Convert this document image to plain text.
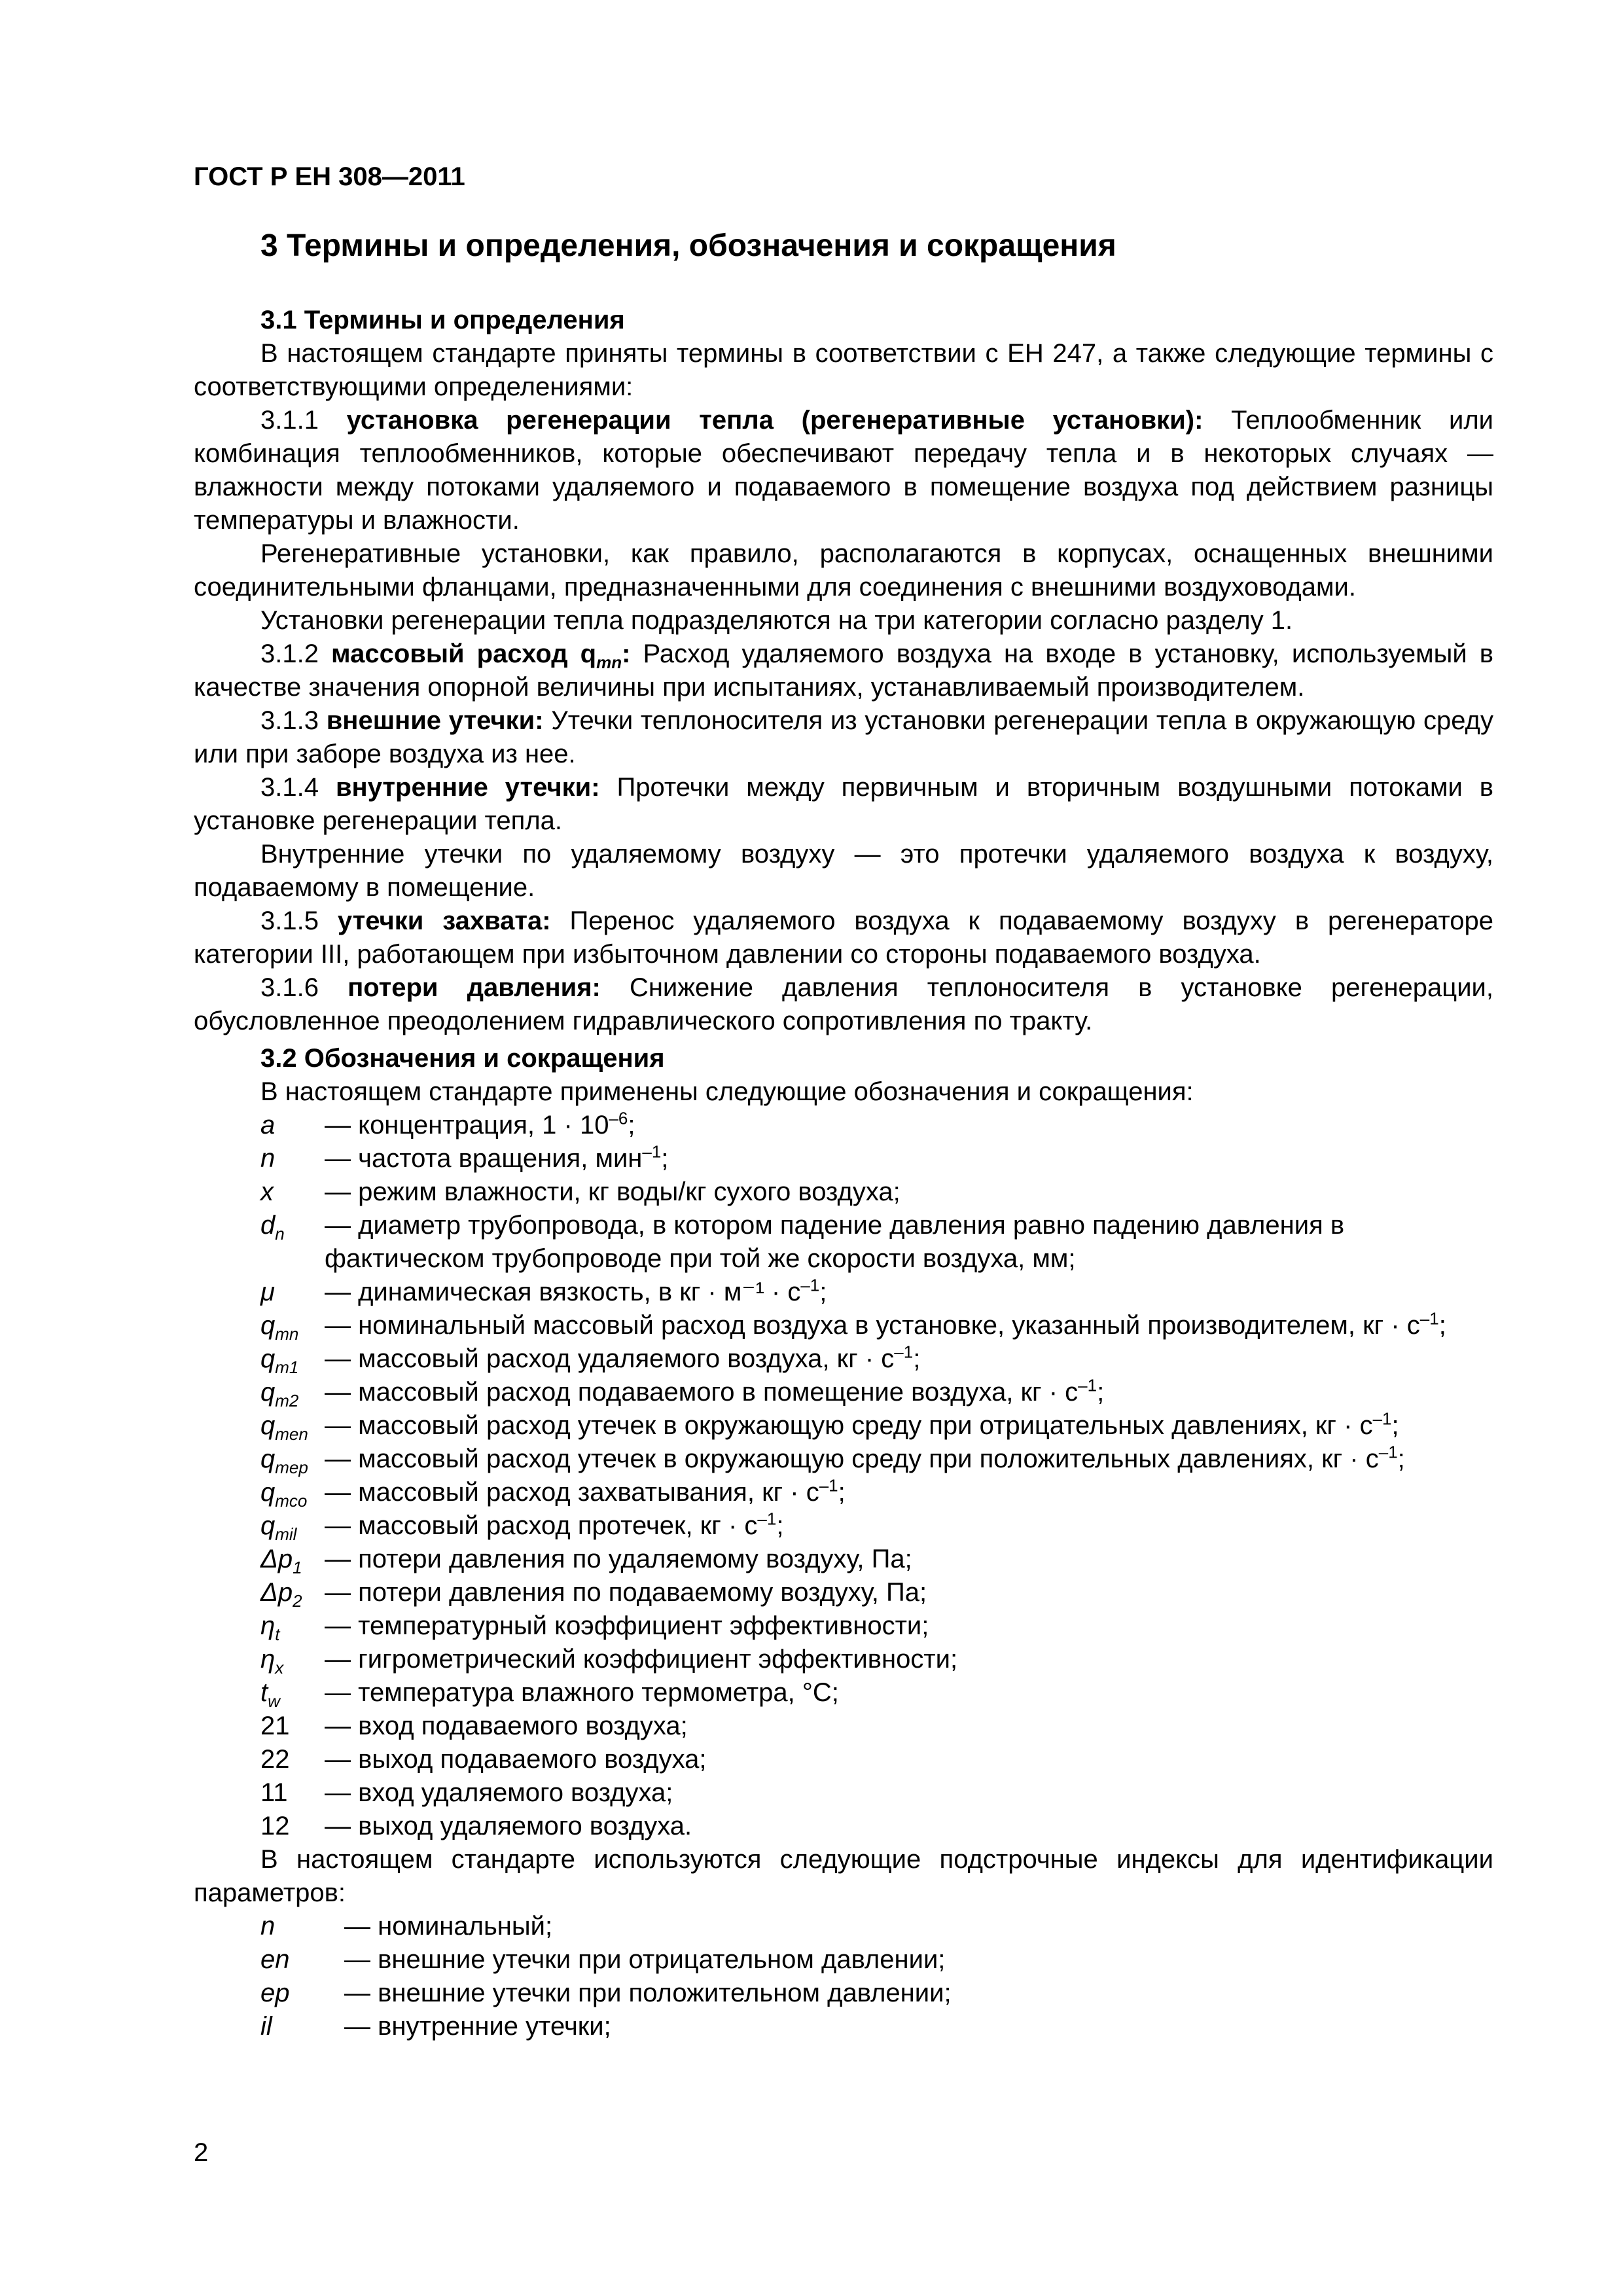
ГОСТ Р ЕН 308—2011
3 Термины и определения, обозначения и сокращения

3.1 Термины и определения

В настоящем стандарте приняты термины в соответствии с ЕН 247, а также следующие термины с соответствующими определениями:

3.1.1 установка регенерации тепла (регенеративные установки): Теплообменник или комбинация теплообменников, которые обеспечивают передачу тепла и в некоторых случаях — влажности между потоками удаляемого и подаваемого в помещение воздуха под действием разницы температуры и влажности.

Регенеративные установки, как правило, располагаются в корпусах, оснащенных внешними соединительными фланцами, предназначенными для соединения с внешними воздуховодами.

Установки регенерации тепла подразделяются на три категории согласно разделу 1.

3.1.2 массовый расход $q_{mn}$: Расход удаляемого воздуха на входе в установку, используемый в качестве значения опорной величины при испытаниях, устанавливаемый производителем.

3.1.3 внешние утечки: Утечки теплоносителя из установки регенерации тепла в окружающую среду или при заборе воздуха из нее.

3.1.4 внутренние утечки: Протечки между первичным и вторичным воздушными потоками в установке регенерации тепла.

Внутренние утечки по удаляемому воздуху — это протечки удаляемого воздуха к воздуху, подаваемому в помещение.

3.1.5 утечки захвата: Перенос удаляемого воздуха к подаваемому воздуху в регенераторе категории III, работающем при избыточном давлении со стороны подаваемого воздуха.

3.1.6 потери давления: Снижение давления теплоносителя в установке регенерации, обусловленное преодолением гидравлического сопротивления по тракту.

3.2 Обозначения и сокращения

В настоящем стандарте применены следующие обозначения и сокращения:

a	— концентрация, $1 \cdot 10^{-6}$;
n	— частота вращения, мин$^{-1}$;
x	— режим влажности, кг воды/кг сухого воздуха;
$d_n$	— диаметр трубопровода, в котором падение давления равно падению давления в фактическом трубопроводе при той же скорости воздуха, мм;
μ	— динамическая вязкость, в кг · $м^{-1} \cdot с^{-1}$;
$q_{mn}$ — номинальный массовый расход воздуха в установке, указанный производителем, кг · $с^{-1}$;
$q_{m1}$ — массовый расход удаляемого воздуха, кг · $с^{-1}$;
$q_{m2}$ — массовый расход подаваемого в помещение воздуха, кг · $с^{-1}$;
$q_{men}$ — массовый расход утечек в окружающую среду при отрицательных давлениях, кг · $с^{-1}$;
$q_{mep}$ — массовый расход утечек в окружающую среду при положительных давлениях, кг · $с^{-1}$;
$q_{mco}$ — массовый расход захватывания, кг · $с^{-1}$;
$q_{mil}$	— массовый расход протечек, кг · $с^{-1}$;
$\Delta p_1$ — потери давления по удаляемому воздуху, Па;
$\Delta p_2$ — потери давления по подаваемому воздуху, Па;
$\eta_t$	— температурный коэффициент эффективности;
$\eta_x$	— гигрометрический коэффициент эффективности;
$t_w$	— температура влажного термометра, °С;
21	— вход подаваемого воздуха;
22	— выход подаваемого воздуха;
11	— вход удаляемого воздуха;
12	— выход удаляемого воздуха.

В настоящем стандарте используются следующие подстрочные индексы для идентификации параметров:

n	— номинальный;
en	— внешние утечки при отрицательном давлении;
ep	— внешние утечки при положительном давлении;
il	— внутренние утечки;
2
